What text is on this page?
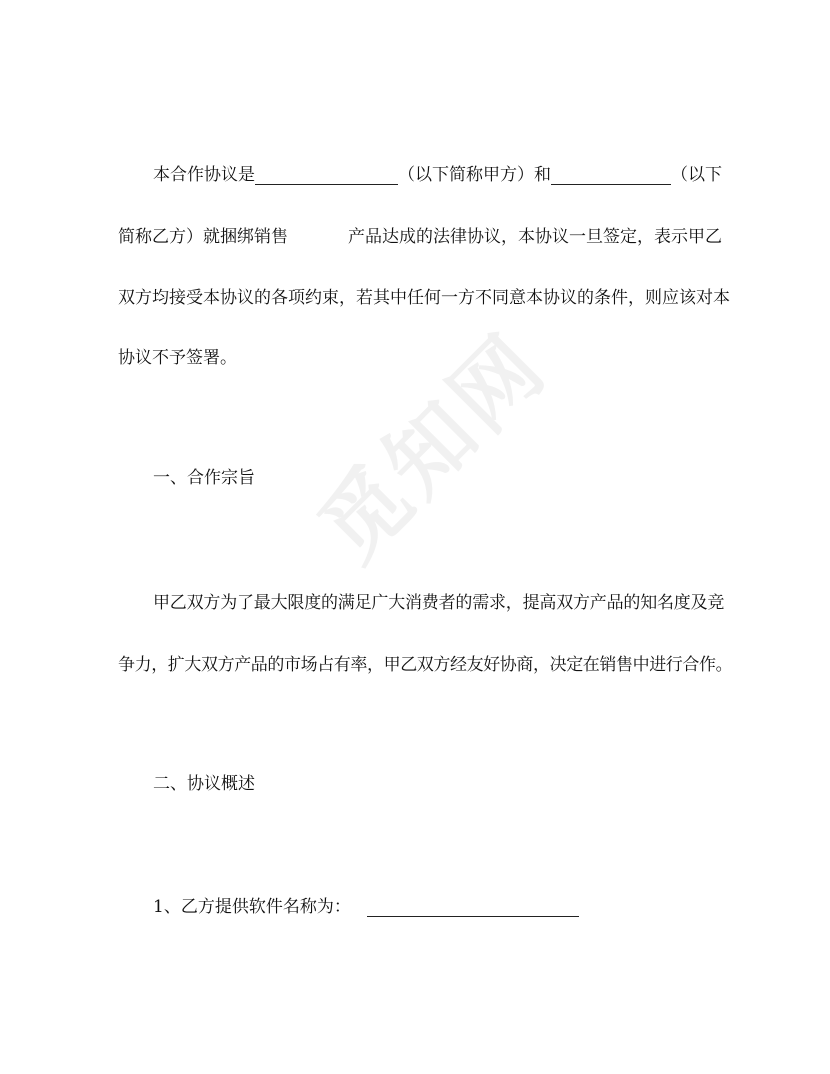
觅知网
本合作协议是	（以下简称甲方）和	（以下
简称乙方）就捆绑销售	产品达成的法律协议，本协议一旦签定，表示甲乙
双方均接受本协议的各项约束，若其中任何一方不同意本协议的条件，则应该对本
协议不予签署。
一、合作宗旨
甲乙双方为了最大限度的满足广大消费者的需求，提高双方产品的知名度及竞
争力，扩大双方产品的市场占有率，甲乙双方经友好协商，决定在销售中进行合作。
二、协议概述
1、乙方提供软件名称为：
